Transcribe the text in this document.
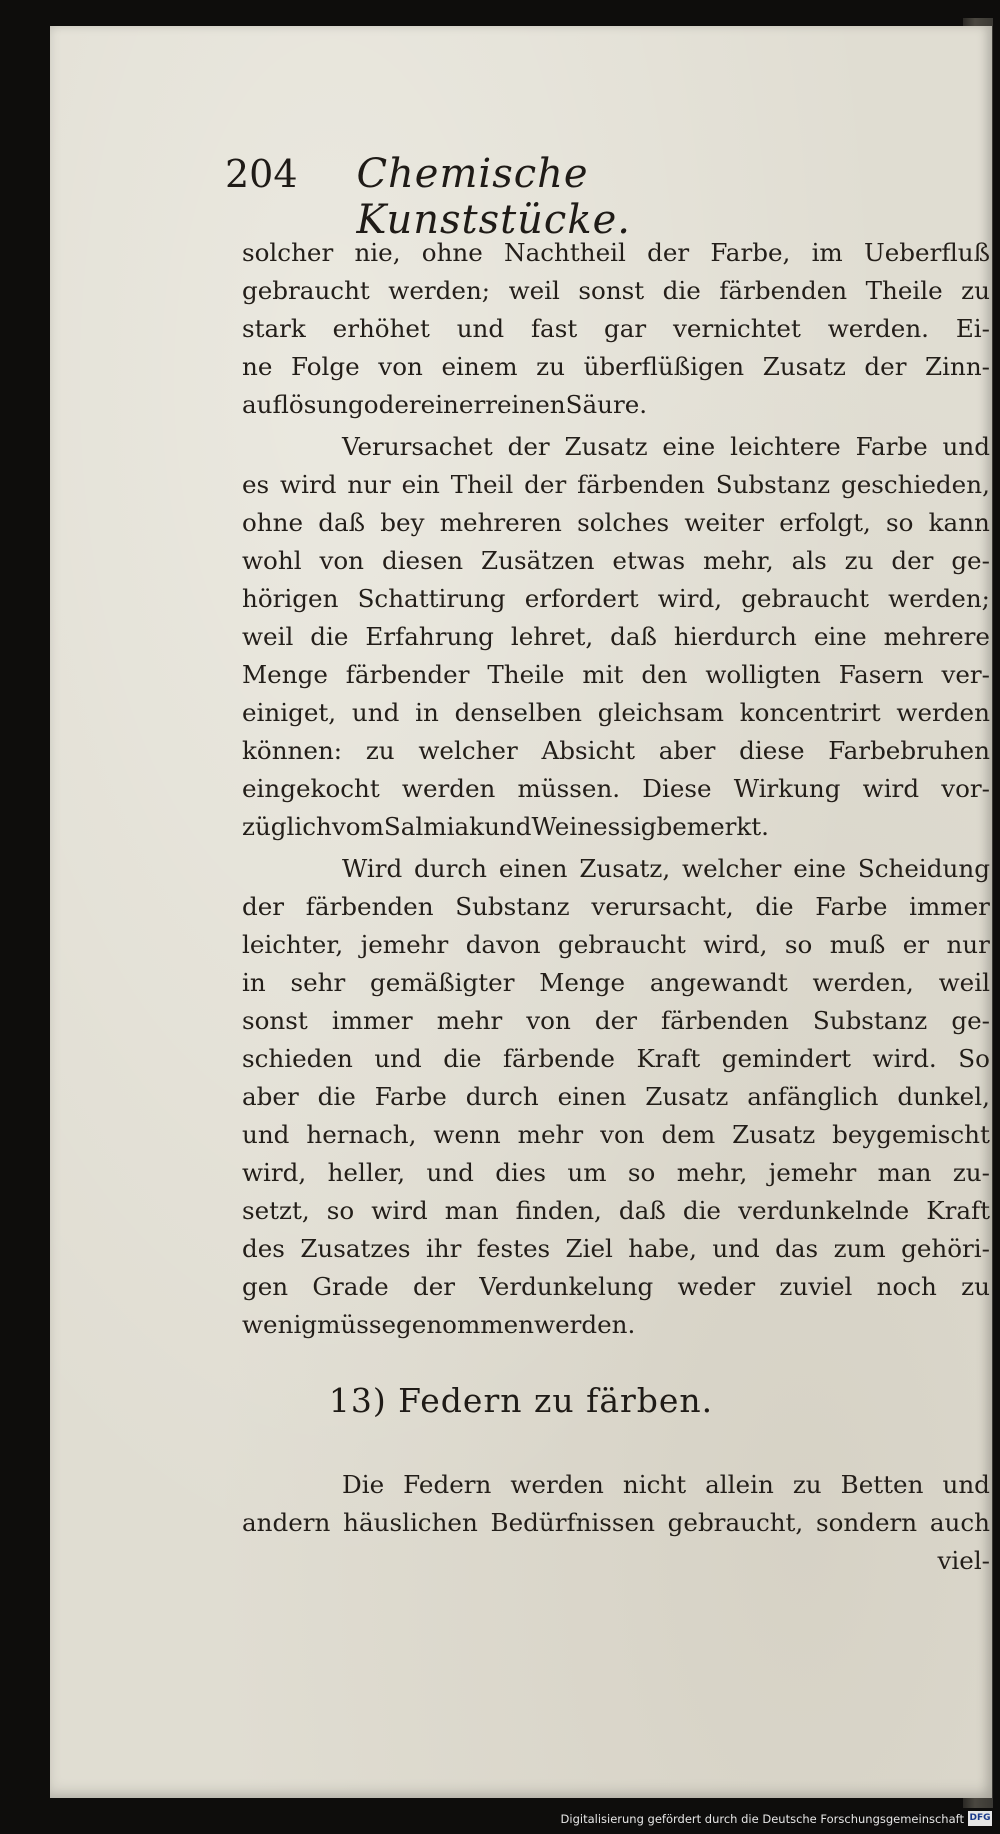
204	Chemische Kunststücke.
solcher nie, ohne Nachtheil der Farbe, im Ueberfluß
gebraucht werden; weil sonst die färbenden Theile zu
stark erhöhet und fast gar vernichtet werden. Ei-
ne Folge von einem zu überflüßigen Zusatz der Zinn-
auflösung oder einer reinen Säure.
Verursachet der Zusatz eine leichtere Farbe und
es wird nur ein Theil der färbenden Substanz geschieden,
ohne daß bey mehreren solches weiter erfolgt, so kann
wohl von diesen Zusätzen etwas mehr, als zu der ge-
hörigen Schattirung erfordert wird, gebraucht werden;
weil die Erfahrung lehret, daß hierdurch eine mehrere
Menge färbender Theile mit den wolligten Fasern ver-
einiget, und in denselben gleichsam koncentrirt werden
können: zu welcher Absicht aber diese Farbebruhen
eingekocht werden müssen. Diese Wirkung wird vor-
züglich vom Salmiak und Weinessig bemerkt.
Wird durch einen Zusatz, welcher eine Scheidung
der färbenden Substanz verursacht, die Farbe immer
leichter, jemehr davon gebraucht wird, so muß er nur
in sehr gemäßigter Menge angewandt werden, weil
sonst immer mehr von der färbenden Substanz ge-
schieden und die färbende Kraft gemindert wird. So
aber die Farbe durch einen Zusatz anfänglich dunkel,
und hernach, wenn mehr von dem Zusatz beygemischt
wird, heller, und dies um so mehr, jemehr man zu-
setzt, so wird man finden, daß die verdunkelnde Kraft
des Zusatzes ihr festes Ziel habe, und das zum gehöri-
gen Grade der Verdunkelung weder zuviel noch zu
wenig müsse genommen werden.
13) Federn zu färben.
Die Federn werden nicht allein zu Betten und
andern häuslichen Bedürfnissen gebraucht, sondern auch
viel-
Digitalisierung gefördert durch die Deutsche Forschungsgemeinschaft DFG
